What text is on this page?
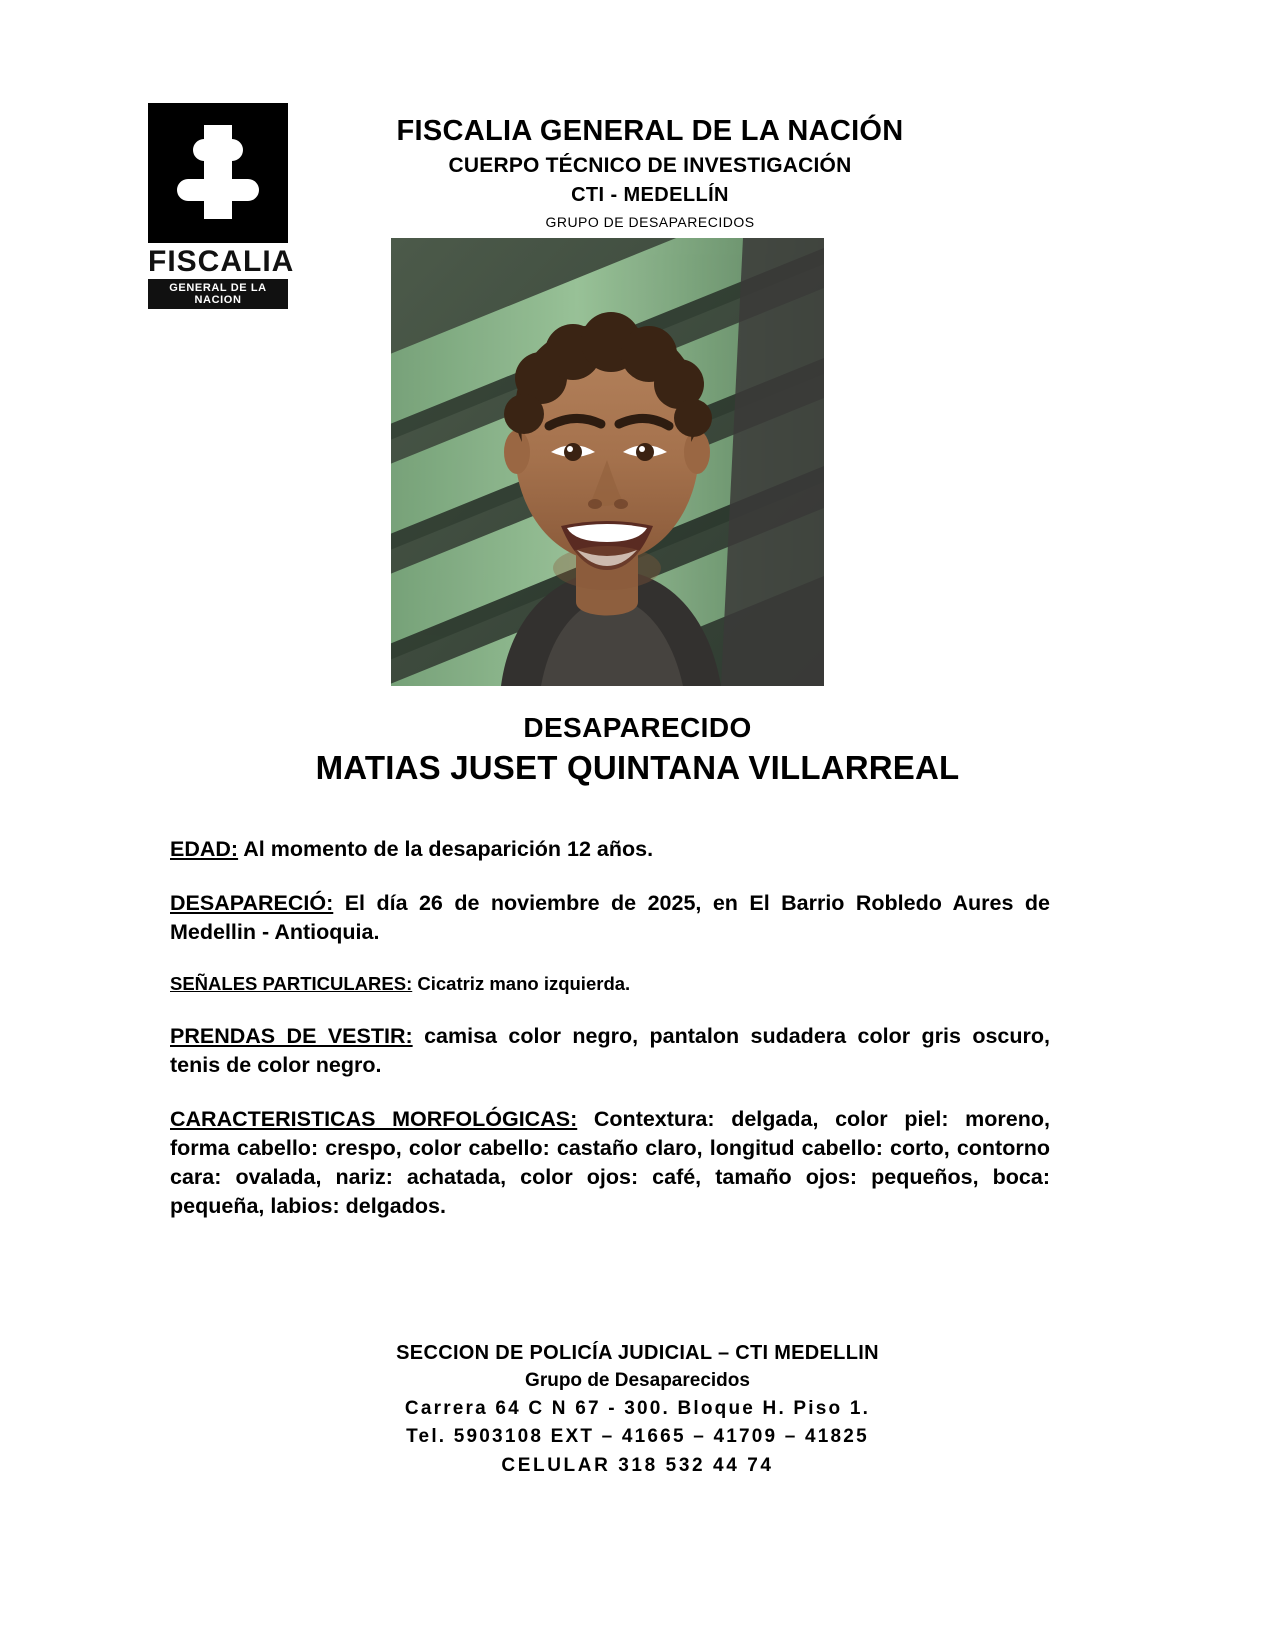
FISCALIA
GENERAL DE LA NACION
FISCALIA GENERAL DE LA NACIÓN
CUERPO TÉCNICO DE INVESTIGACIÓN
CTI - MEDELLÍN
GRUPO DE DESAPARECIDOS
DESAPARECIDO
MATIAS JUSET QUINTANA VILLARREAL

EDAD: Al momento de la desaparición 12 años.

DESAPARECIÓ: El día 26 de noviembre de 2025, en El Barrio Robledo Aures de Medellin - Antioquia.

SEÑALES PARTICULARES: Cicatriz mano izquierda.

PRENDAS DE VESTIR: camisa color negro, pantalon sudadera color gris oscuro, tenis de color negro.

CARACTERISTICAS MORFOLÓGICAS: Contextura: delgada, color piel: moreno, forma cabello: crespo, color cabello: castaño claro, longitud cabello: corto, contorno cara: ovalada, nariz: achatada, color ojos: café, tamaño ojos: pequeños, boca: pequeña, labios: delgados.

SECCION DE POLICÍA JUDICIAL – CTI MEDELLIN
Grupo de Desaparecidos
Carrera 64 C N 67 - 300. Bloque H. Piso 1.
Tel. 5903108 EXT – 41665 – 41709 – 41825
CELULAR 318 532 44 74
